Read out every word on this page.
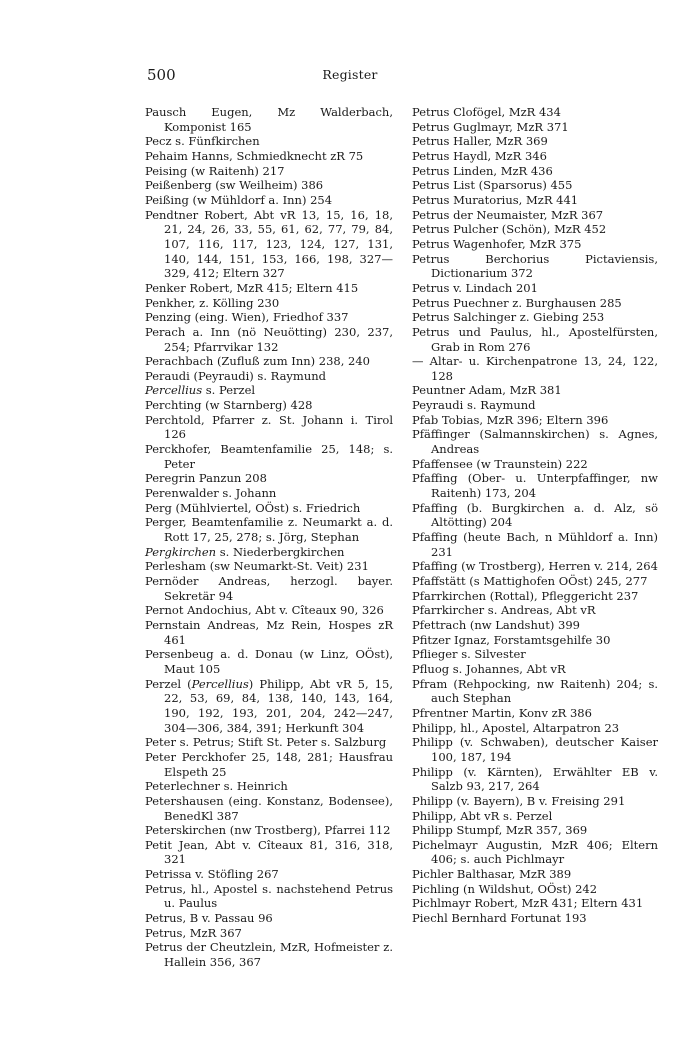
500	Register

Pausch Eugen, Mz Walderbach, Komponist 165

Pecz s. Fünfkirchen

Pehaim Hanns, Schmiedknecht zR 75

Peising (w Raitenh) 217

Peißenberg (sw Weilheim) 386

Peißing (w Mühldorf a. Inn) 254

Pendtner Robert, Abt vR 13, 15, 16, 18, 21, 24, 26, 33, 55, 61, 62, 77, 79, 84, 107, 116, 117, 123, 124, 127, 131, 140, 144, 151, 153, 166, 198, 327—329, 412; Eltern 327

Penker Robert, MzR 415; Eltern 415

Penkher, z. Kölling 230

Penzing (eing. Wien), Friedhof 337

Perach a. Inn (nö Neuötting) 230, 237, 254; Pfarrvikar 132

Perachbach (Zufluß zum Inn) 238, 240

Peraudi (Peyraudi) s. Raymund

Percellius s. Perzel

Perchting (w Starnberg) 428

Perchtold, Pfarrer z. St. Johann i. Tirol 126

Perckhofer, Beamtenfamilie 25, 148; s. Peter

Peregrin Panzun 208

Perenwalder s. Johann

Perg (Mühlviertel, OÖst) s. Friedrich

Perger, Beamtenfamilie z. Neumarkt a. d. Rott 17, 25, 278; s. Jörg, Stephan

Pergkirchen s. Niederbergkirchen

Perlesham (sw Neumarkt-St. Veit) 231

Pernöder Andreas, herzogl. bayer. Sekretär 94

Pernot Andochius, Abt v. Cîteaux 90, 326

Pernstain Andreas, Mz Rein, Hospes zR 461

Persenbeug a. d. Donau (w Linz, OÖst), Maut 105

Perzel (Percellius) Philipp, Abt vR 5, 15, 22, 53, 69, 84, 138, 140, 143, 164, 190, 192, 193, 201, 204, 242—247, 304—306, 384, 391; Herkunft 304

Peter s. Petrus; Stift St. Peter s. Salzburg

Peter Perckhofer 25, 148, 281; Hausfrau Elspeth 25

Peterlechner s. Heinrich

Petershausen (eing. Konstanz, Bodensee), BenedKl 387

Peterskirchen (nw Trostberg), Pfarrei 112

Petit Jean, Abt v. Cîteaux 81, 316, 318, 321

Petrissa v. Stöfling 267

Petrus, hl., Apostel s. nachstehend Petrus u. Paulus

Petrus, B v. Passau 96

Petrus, MzR 367

Petrus der Cheutzlein, MzR, Hofmeister z. Hallein 356, 367

Petrus Clofögel, MzR 434

Petrus Guglmayr, MzR 371

Petrus Haller, MzR 369

Petrus Haydl, MzR 346

Petrus Linden, MzR 436

Petrus List (Sparsorus) 455

Petrus Muratorius, MzR 441

Petrus der Neumaister, MzR 367

Petrus Pulcher (Schön), MzR 452

Petrus Wagenhofer, MzR 375

Petrus Berchorius Pictaviensis, Dictionarium 372

Petrus v. Lindach 201

Petrus Puechner z. Burghausen 285

Petrus Salchinger z. Giebing 253

Petrus und Paulus, hl., Apostelfürsten, Grab in Rom 276

— Altar- u. Kirchenpatrone 13, 24, 122, 128

Peuntner Adam, MzR 381

Peyraudi s. Raymund

Pfab Tobias, MzR 396; Eltern 396

Pfäffinger (Salmannskirchen) s. Agnes, Andreas

Pfaffensee (w Traunstein) 222

Pfaffing (Ober- u. Unterpfaffinger, nw Raitenh) 173, 204

Pfaffing (b. Burgkirchen a. d. Alz, sö Altötting) 204

Pfaffing (heute Bach, n Mühldorf a. Inn) 231

Pfaffing (w Trostberg), Herren v. 214, 264

Pfaffstätt (s Mattighofen OÖst) 245, 277

Pfarrkirchen (Rottal), Pfleggericht 237

Pfarrkircher s. Andreas, Abt vR

Pfettrach (nw Landshut) 399

Pfitzer Ignaz, Forstamtsgehilfe 30

Pflieger s. Silvester

Pfluog s. Johannes, Abt vR

Pfram (Rehpocking, nw Raitenh) 204; s. auch Stephan

Pfrentner Martin, Konv zR 386

Philipp, hl., Apostel, Altarpatron 23

Philipp (v. Schwaben), deutscher Kaiser 100, 187, 194

Philipp (v. Kärnten), Erwählter EB v. Salzb 93, 217, 264

Philipp (v. Bayern), B v. Freising 291

Philipp, Abt vR s. Perzel

Philipp Stumpf, MzR 357, 369

Pichelmayr Augustin, MzR 406; Eltern 406; s. auch Pichlmayr

Pichler Balthasar, MzR 389

Pichling (n Wildshut, OÖst) 242

Pichlmayr Robert, MzR 431; Eltern 431

Piechl Bernhard Fortunat 193
